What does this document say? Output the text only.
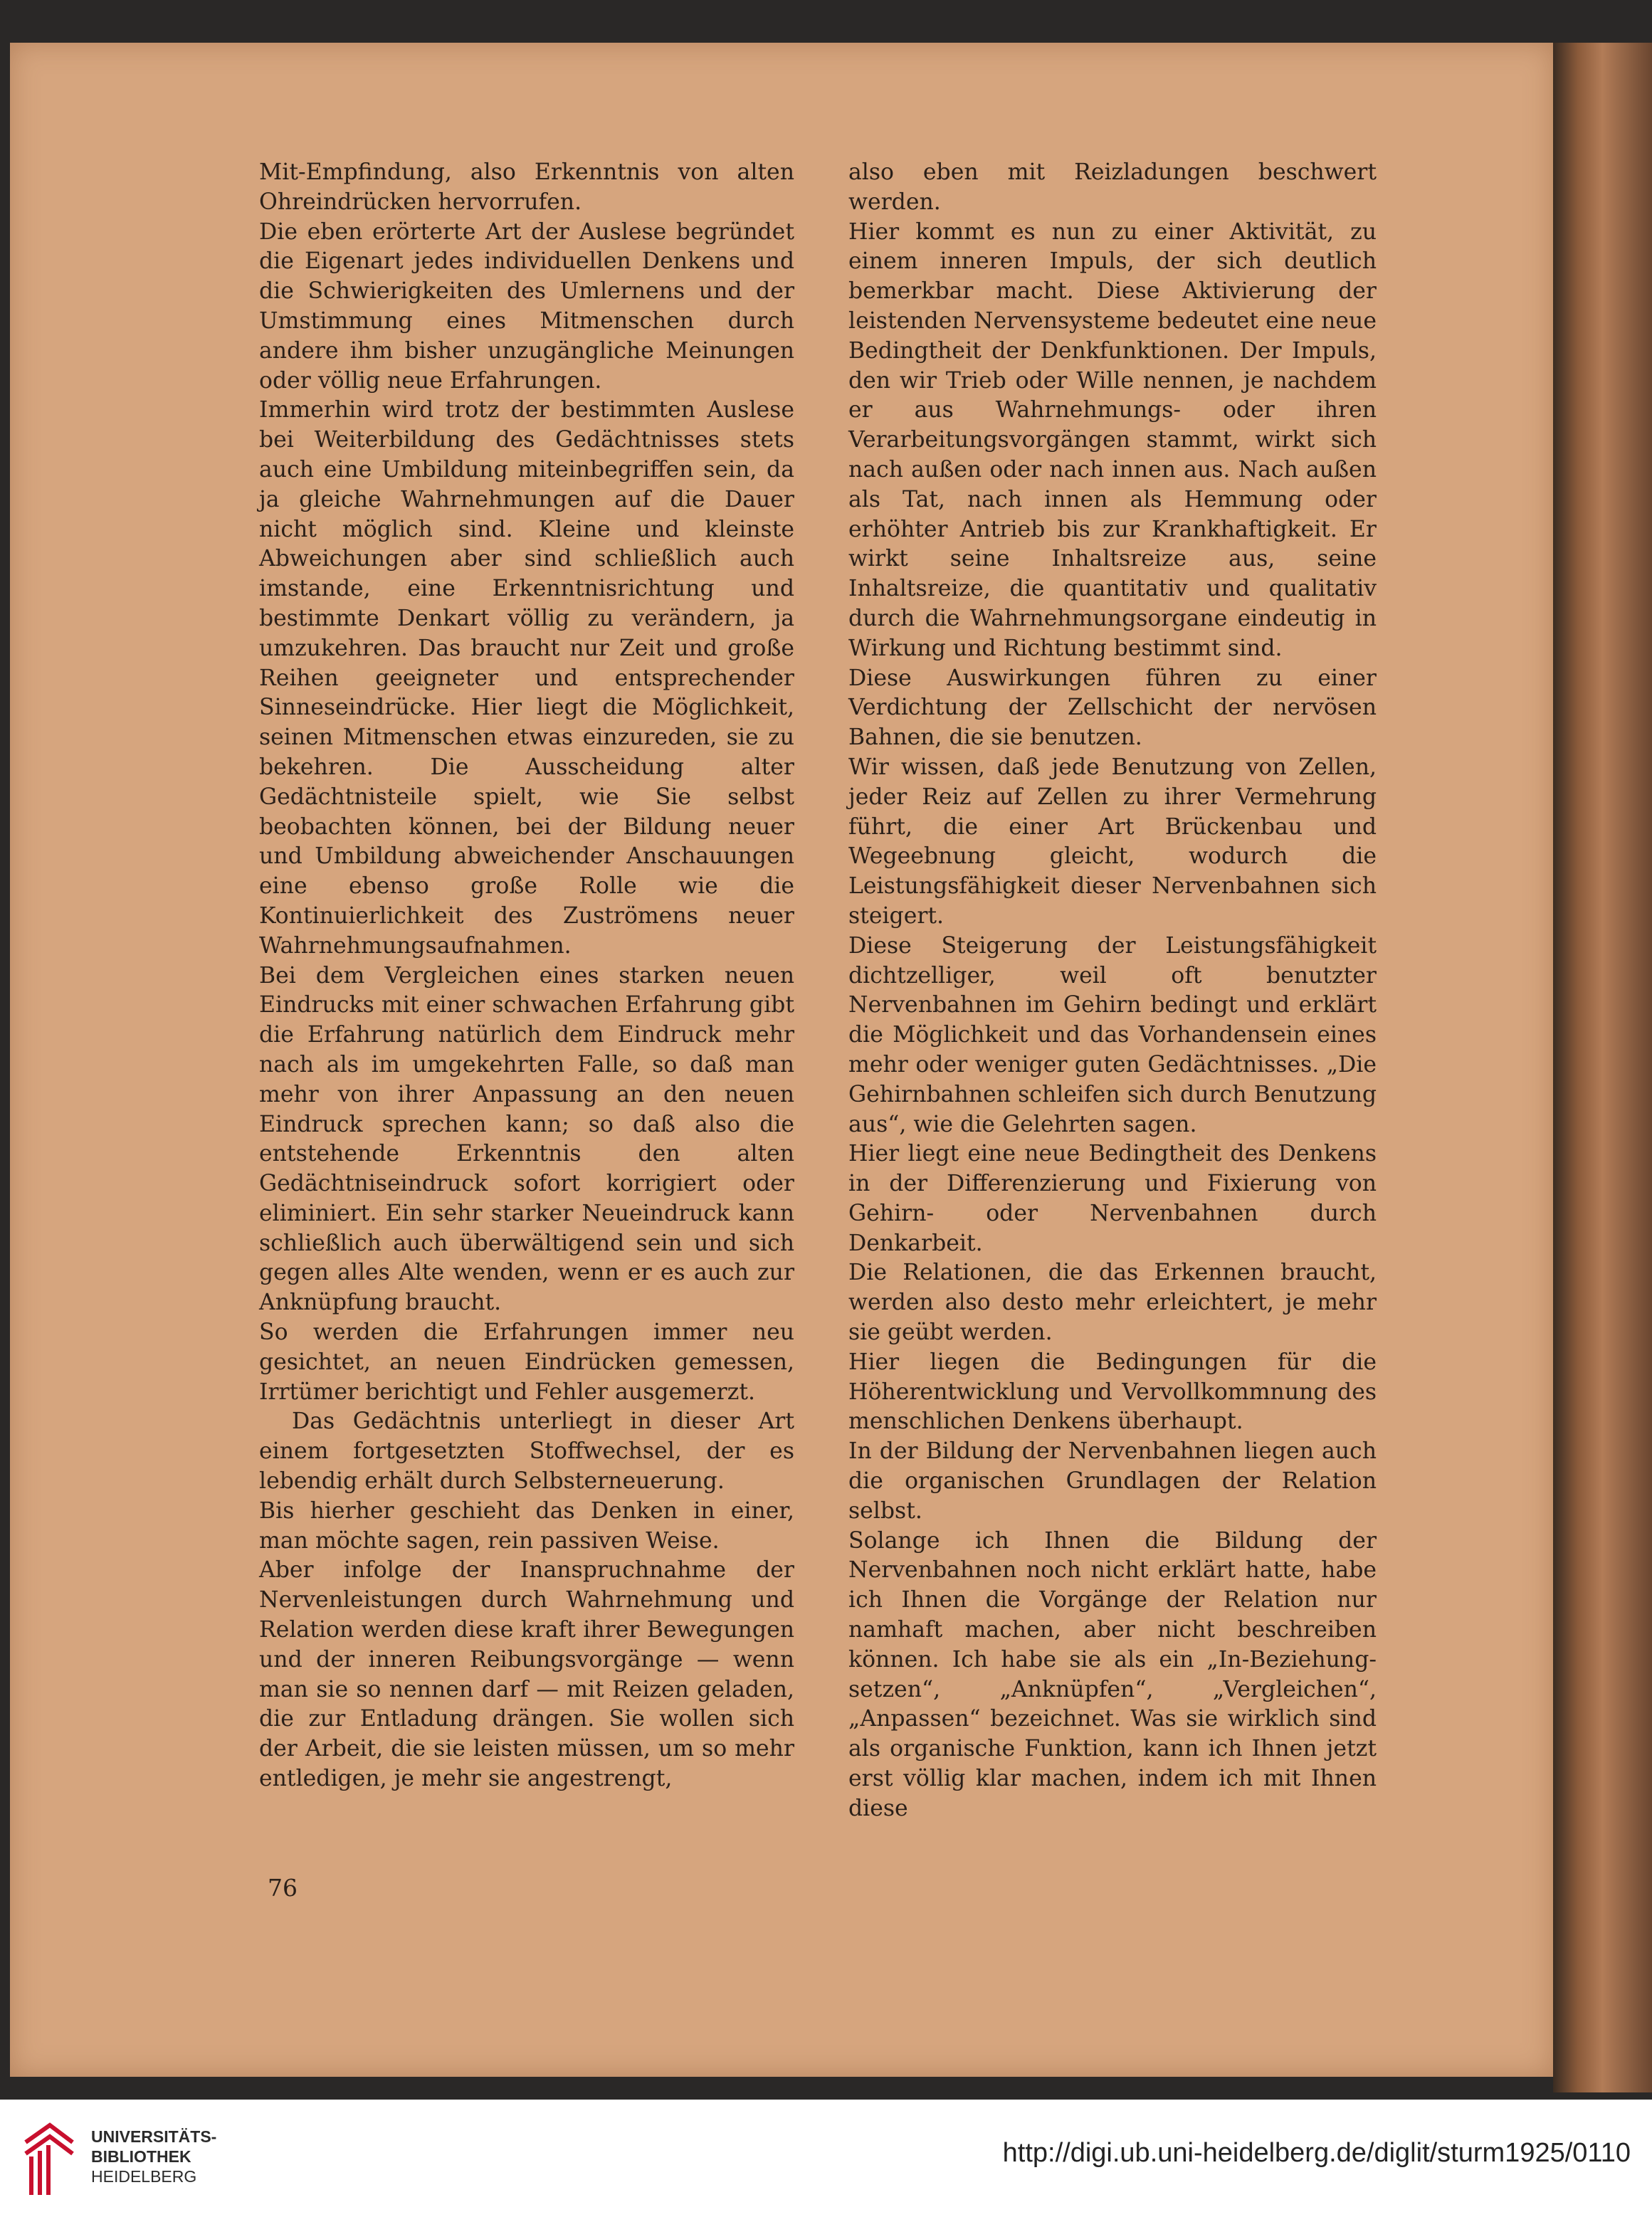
Mit-Empfindung, also Erkenntnis von alten Ohreindrücken hervorrufen.

Die eben erörterte Art der Auslese begründet die Eigenart jedes individuellen Denkens und die Schwierigkeiten des Umlernens und der Umstimmung eines Mitmenschen durch andere ihm bisher unzugängliche Meinungen oder völlig neue Erfahrungen.

Immerhin wird trotz der bestimmten Auslese bei Weiterbildung des Gedächtnisses stets auch eine Umbildung miteinbegriffen sein, da ja gleiche Wahrnehmungen auf die Dauer nicht möglich sind. Kleine und kleinste Abweichungen aber sind schließlich auch imstande, eine Erkenntnisrichtung und bestimmte Denkart völlig zu verändern, ja umzukehren. Das braucht nur Zeit und große Reihen geeigneter und entsprechender Sinneseindrücke. Hier liegt die Möglichkeit, seinen Mitmenschen etwas einzureden, sie zu bekehren. Die Ausscheidung alter Gedächtnisteile spielt, wie Sie selbst beobachten können, bei der Bildung neuer und Umbildung abweichender Anschauungen eine ebenso große Rolle wie die Kontinuierlichkeit des Zuströmens neuer Wahrnehmungsaufnahmen.

Bei dem Vergleichen eines starken neuen Eindrucks mit einer schwachen Erfahrung gibt die Erfahrung natürlich dem Eindruck mehr nach als im umgekehrten Falle, so daß man mehr von ihrer Anpassung an den neuen Eindruck sprechen kann; so daß also die entstehende Erkenntnis den alten Gedächtniseindruck sofort korrigiert oder eliminiert. Ein sehr starker Neueindruck kann schließlich auch überwältigend sein und sich gegen alles Alte wenden, wenn er es auch zur Anknüpfung braucht.

So werden die Erfahrungen immer neu gesichtet, an neuen Eindrücken gemessen, Irrtümer berichtigt und Fehler ausgemerzt.

Das Gedächtnis unterliegt in dieser Art einem fortgesetzten Stoffwechsel, der es lebendig erhält durch Selbsterneuerung.

Bis hierher geschieht das Denken in einer, man möchte sagen, rein passiven Weise.

Aber infolge der Inanspruchnahme der Nervenleistungen durch Wahrnehmung und Relation werden diese kraft ihrer Bewegungen und der inneren Reibungsvorgänge — wenn man sie so nennen darf — mit Reizen geladen, die zur Entladung drängen. Sie wollen sich der Arbeit, die sie leisten müssen, um so mehr entledigen, je mehr sie angestrengt,

also eben mit Reizladungen beschwert werden.

Hier kommt es nun zu einer Aktivität, zu einem inneren Impuls, der sich deutlich bemerkbar macht. Diese Aktivierung der leistenden Nervensysteme bedeutet eine neue Bedingtheit der Denkfunktionen. Der Impuls, den wir Trieb oder Wille nennen, je nachdem er aus Wahrnehmungs- oder ihren Verarbeitungsvorgängen stammt, wirkt sich nach außen oder nach innen aus. Nach außen als Tat, nach innen als Hemmung oder erhöhter Antrieb bis zur Krankhaftigkeit. Er wirkt seine Inhaltsreize aus, seine Inhaltsreize, die quantitativ und qualitativ durch die Wahrnehmungsorgane eindeutig in Wirkung und Richtung bestimmt sind.

Diese Auswirkungen führen zu einer Verdichtung der Zellschicht der nervösen Bahnen, die sie benutzen.

Wir wissen, daß jede Benutzung von Zellen, jeder Reiz auf Zellen zu ihrer Vermehrung führt, die einer Art Brückenbau und Wegeebnung gleicht, wodurch die Leistungsfähigkeit dieser Nervenbahnen sich steigert.

Diese Steigerung der Leistungsfähigkeit dichtzelliger, weil oft benutzter Nervenbahnen im Gehirn bedingt und erklärt die Möglichkeit und das Vorhandensein eines mehr oder weniger guten Gedächtnisses. „Die Gehirnbahnen schleifen sich durch Benutzung aus“, wie die Gelehrten sagen.

Hier liegt eine neue Bedingtheit des Denkens in der Differenzierung und Fixierung von Gehirn- oder Nervenbahnen durch Denkarbeit.

Die Relationen, die das Erkennen braucht, werden also desto mehr erleichtert, je mehr sie geübt werden.

Hier liegen die Bedingungen für die Höherentwicklung und Vervollkommnung des menschlichen Denkens überhaupt.

In der Bildung der Nervenbahnen liegen auch die organischen Grundlagen der Relation selbst.

Solange ich Ihnen die Bildung der Nervenbahnen noch nicht erklärt hatte, habe ich Ihnen die Vorgänge der Relation nur namhaft machen, aber nicht beschreiben können. Ich habe sie als ein „In-Beziehung-setzen“, „Anknüpfen“, „Vergleichen“, „Anpassen“ bezeichnet. Was sie wirklich sind als organische Funktion, kann ich Ihnen jetzt erst völlig klar machen, indem ich mit Ihnen diese

76
UNIVERSITÄTS-
BIBLIOTHEK
HEIDELBERG
http://digi.ub.uni-heidelberg.de/diglit/sturm1925/0110
